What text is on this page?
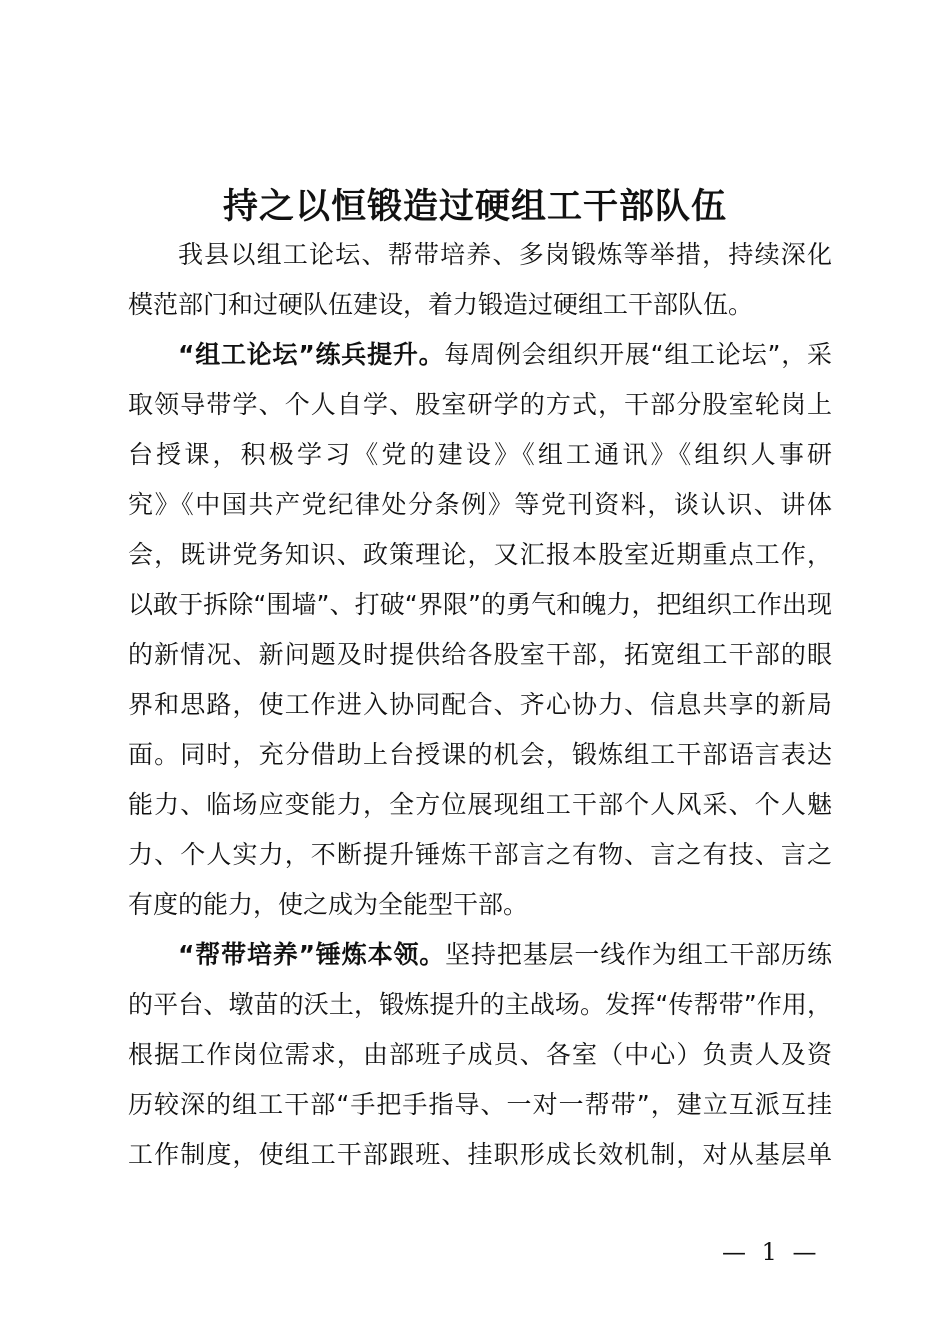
持之以恒锻造过硬组工干部队伍
我县以组工论坛、帮带培养、多岗锻炼等举措，持续深化
模范部门和过硬队伍建设，着力锻造过硬组工干部队伍。
“组工论坛”练兵提升。每周例会组织开展“组工论坛”，采
取领导带学、个人自学、股室研学的方式，干部分股室轮岗上
台授课，积极学习《党的建设》《组工通讯》《组织人事研
究》《中国共产党纪律处分条例》等党刊资料，谈认识、讲体
会，既讲党务知识、政策理论，又汇报本股室近期重点工作，
以敢于拆除“围墙”、打破“界限”的勇气和魄力，把组织工作出现
的新情况、新问题及时提供给各股室干部，拓宽组工干部的眼
界和思路，使工作进入协同配合、齐心协力、信息共享的新局
面。同时，充分借助上台授课的机会，锻炼组工干部语言表达
能力、临场应变能力，全方位展现组工干部个人风采、个人魅
力、个人实力，不断提升锤炼干部言之有物、言之有技、言之
有度的能力，使之成为全能型干部。
“帮带培养”锤炼本领。坚持把基层一线作为组工干部历练
的平台、墩苗的沃土，锻炼提升的主战场。发挥“传帮带”作用，
根据工作岗位需求，由部班子成员、各室（中心）负责人及资
历较深的组工干部“手把手指导、一对一帮带”，建立互派互挂
工作制度，使组工干部跟班、挂职形成长效机制，对从基层单
— 1 —
